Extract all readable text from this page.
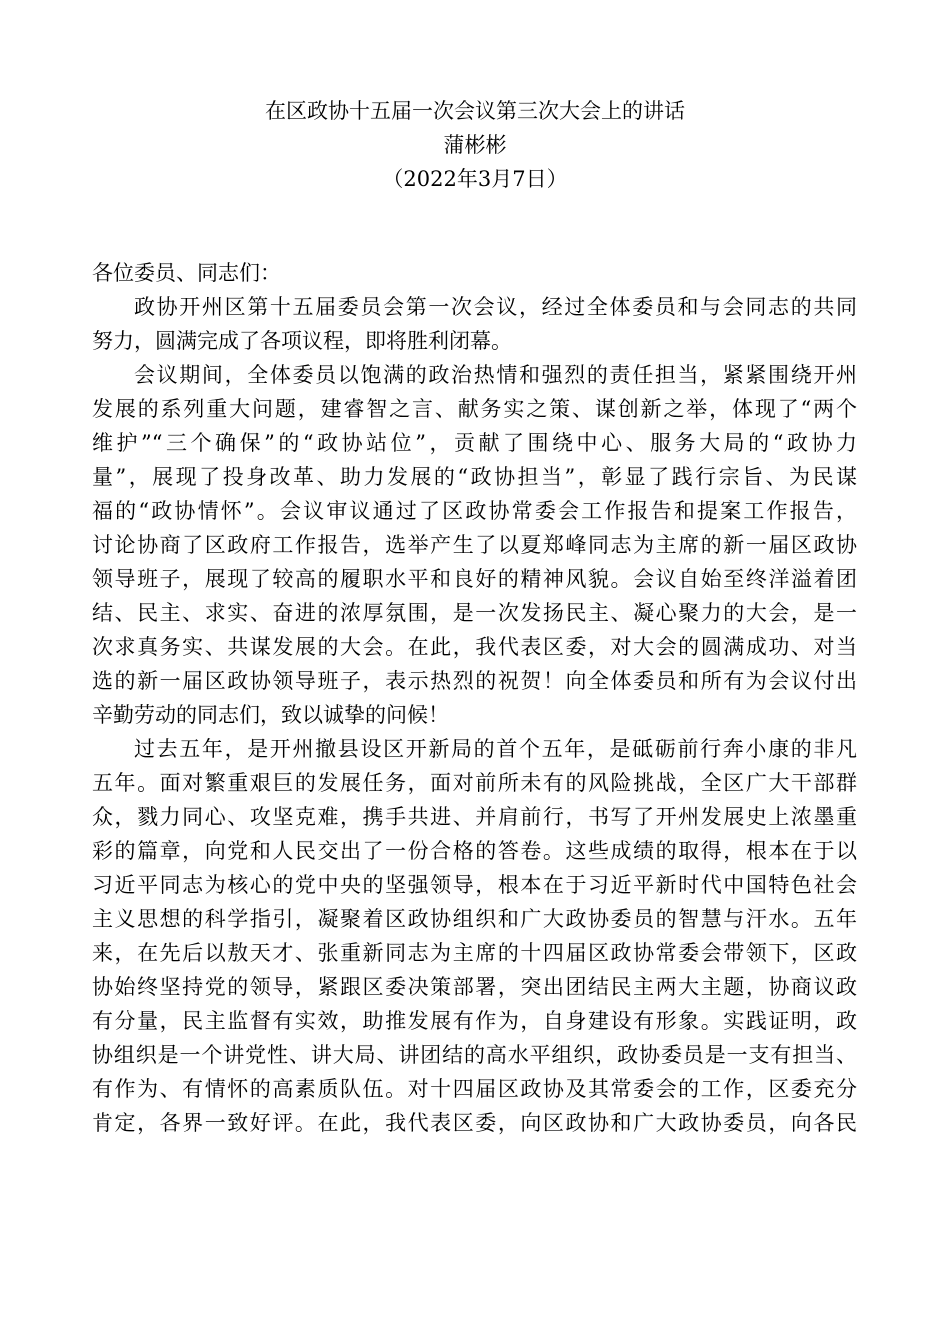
在区政协十五届一次会议第三次大会上的讲话
蒲彬彬
（2022年3月7日）
各位委员、同志们：
政协开州区第十五届委员会第一次会议，经过全体委员和与会同志的共同
努力，圆满完成了各项议程，即将胜利闭幕。
会议期间，全体委员以饱满的政治热情和强烈的责任担当，紧紧围绕开州
发展的系列重大问题，建睿智之言、献务实之策、谋创新之举，体现了“两个
维护”“三个确保”的“政协站位”，贡献了围绕中心、服务大局的“政协力
量”，展现了投身改革、助力发展的“政协担当”，彰显了践行宗旨、为民谋
福的“政协情怀”。会议审议通过了区政协常委会工作报告和提案工作报告，
讨论协商了区政府工作报告，选举产生了以夏郑峰同志为主席的新一届区政协
领导班子，展现了较高的履职水平和良好的精神风貌。会议自始至终洋溢着团
结、民主、求实、奋进的浓厚氛围，是一次发扬民主、凝心聚力的大会，是一
次求真务实、共谋发展的大会。在此，我代表区委，对大会的圆满成功、对当
选的新一届区政协领导班子，表示热烈的祝贺！向全体委员和所有为会议付出
辛勤劳动的同志们，致以诚挚的问候！
过去五年，是开州撤县设区开新局的首个五年，是砥砺前行奔小康的非凡
五年。面对繁重艰巨的发展任务，面对前所未有的风险挑战，全区广大干部群
众，戮力同心、攻坚克难，携手共进、并肩前行，书写了开州发展史上浓墨重
彩的篇章，向党和人民交出了一份合格的答卷。这些成绩的取得，根本在于以
习近平同志为核心的党中央的坚强领导，根本在于习近平新时代中国特色社会
主义思想的科学指引，凝聚着区政协组织和广大政协委员的智慧与汗水。五年
来，在先后以敖天才、张重新同志为主席的十四届区政协常委会带领下，区政
协始终坚持党的领导，紧跟区委决策部署，突出团结民主两大主题，协商议政
有分量，民主监督有实效，助推发展有作为，自身建设有形象。实践证明，政
协组织是一个讲党性、讲大局、讲团结的高水平组织，政协委员是一支有担当、
有作为、有情怀的高素质队伍。对十四届区政协及其常委会的工作，区委充分
肯定，各界一致好评。在此，我代表区委，向区政协和广大政协委员，向各民
